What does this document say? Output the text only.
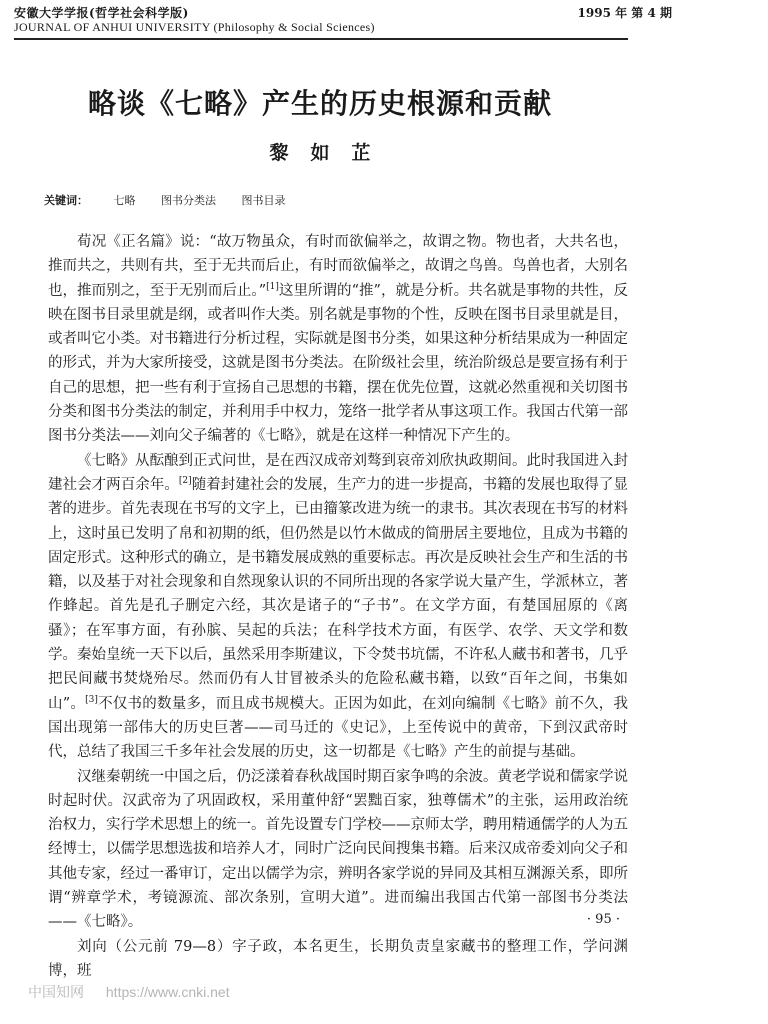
安徽大学学报(哲学社会科学版)
JOURNAL OF ANHUI UNIVERSITY (Philosophy & Social Sciences)
1995 年 第 4 期
略谈《七略》产生的历史根源和贡献
黎如芷
关键词： 七略 图书分类法 图书目录

荀况《正名篇》说：“故万物虽众，有时而欲偏举之，故谓之物。物也者，大共名也，推而共之，共则有共，至于无共而后止，有时而欲偏举之，故谓之鸟兽。鸟兽也者，大别名也，推而别之，至于无别而后止。”[1]这里所谓的“推”，就是分析。共名就是事物的共性，反映在图书目录里就是纲，或者叫作大类。别名就是事物的个性，反映在图书目录里就是目，或者叫它小类。对书籍进行分析过程，实际就是图书分类，如果这种分析结果成为一种固定的形式，并为大家所接受，这就是图书分类法。在阶级社会里，统治阶级总是要宣扬有利于自己的思想，把一些有利于宣扬自己思想的书籍，摆在优先位置，这就必然重视和关切图书分类和图书分类法的制定，并利用手中权力，笼络一批学者从事这项工作。我国古代第一部图书分类法——刘向父子编著的《七略》，就是在这样一种情况下产生的。

《七略》从酝酿到正式问世，是在西汉成帝刘骜到哀帝刘欣执政期间。此时我国进入封建社会才两百余年。[2]随着封建社会的发展，生产力的进一步提高，书籍的发展也取得了显著的进步。首先表现在书写的文字上，已由籀篆改进为统一的隶书。其次表现在书写的材料上，这时虽已发明了帛和初期的纸，但仍然是以竹木做成的简册居主要地位，且成为书籍的固定形式。这种形式的确立，是书籍发展成熟的重要标志。再次是反映社会生产和生活的书籍，以及基于对社会现象和自然现象认识的不同所出现的各家学说大量产生，学派林立，著作蜂起。首先是孔子删定六经，其次是诸子的“子书”。在文学方面，有楚国屈原的《离骚》；在军事方面，有孙膑、吴起的兵法；在科学技术方面，有医学、农学、天文学和数学。秦始皇统一天下以后，虽然采用李斯建议，下令焚书坑儒，不许私人藏书和著书，几乎把民间藏书焚烧殆尽。然而仍有人甘冒被杀头的危险私藏书籍，以致“百年之间，书集如山”。[3]不仅书的数量多，而且成书规模大。正因为如此，在刘向编制《七略》前不久，我国出现第一部伟大的历史巨著——司马迁的《史记》，上至传说中的黄帝，下到汉武帝时代，总结了我国三千多年社会发展的历史，这一切都是《七略》产生的前提与基础。

汉继秦朝统一中国之后，仍泛漾着春秋战国时期百家争鸣的余波。黄老学说和儒家学说时起时伏。汉武帝为了巩固政权，采用董仲舒“罢黜百家，独尊儒术”的主张，运用政治统治权力，实行学术思想上的统一。首先设置专门学校——京师太学，聘用精通儒学的人为五经博士，以儒学思想选拔和培养人才，同时广泛向民间搜集书籍。后来汉成帝委刘向父子和其他专家，经过一番审订，定出以儒学为宗，辨明各家学说的异同及其相互渊源关系，即所谓“辨章学术，考镜源流、部次条别，宣明大道”。进而编出我国古代第一部图书分类法——《七略》。

刘向（公元前 79—8）字子政，本名更生，长期负责皇家藏书的整理工作，学问渊博，班

· 95 ·
中国知网 https://www.cnki.net
